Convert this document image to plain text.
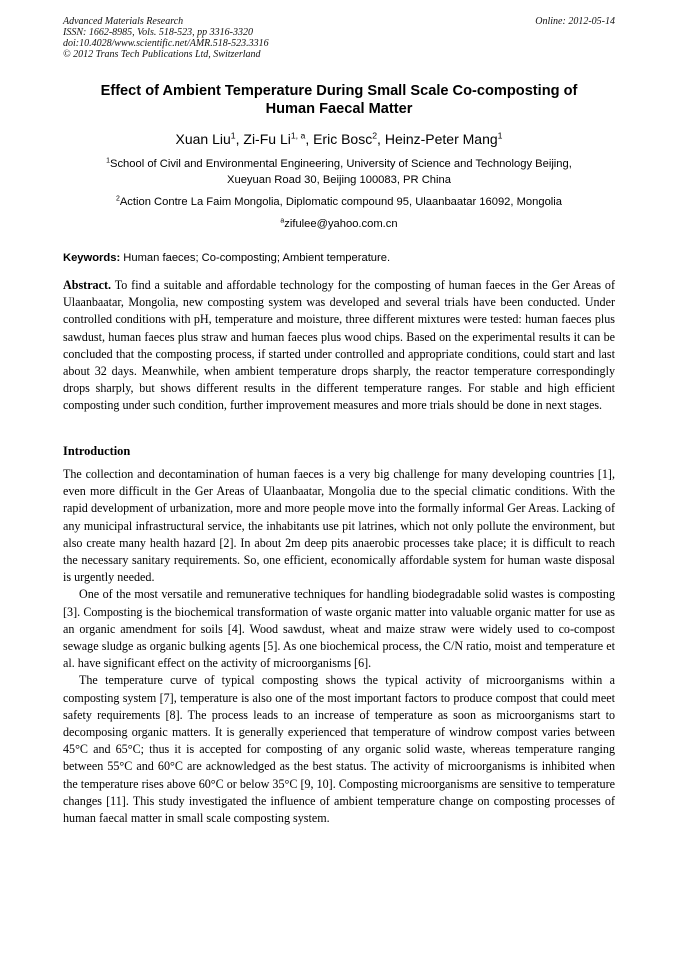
Advanced Materials Research
ISSN: 1662-8985, Vols. 518-523, pp 3316-3320
doi:10.4028/www.scientific.net/AMR.518-523.3316
© 2012 Trans Tech Publications Ltd, Switzerland
Online: 2012-05-14
Effect of Ambient Temperature During Small Scale Co-composting of
Human Faecal Matter
Xuan Liu$^1$, Zi-Fu Li$^{1, a}$, Eric Bosc$^2$, Heinz-Peter Mang$^1$
$^1$School of Civil and Environmental Engineering, University of Science and Technology Beijing,
Xueyuan Road 30, Beijing 100083, PR China
$^2$Action Contre La Faim Mongolia, Diplomatic compound 95, Ulaanbaatar 16092, Mongolia
$^a$zifulee@yahoo.com.cn
Keywords: Human faeces; Co-composting; Ambient temperature.

Abstract. To find a suitable and affordable technology for the composting of human faeces in the Ger Areas of Ulaanbaatar, Mongolia, new composting system was developed and several trials have been conducted. Under controlled conditions with pH, temperature and moisture, three different mixtures were tested: human faeces plus sawdust, human faeces plus straw and human faeces plus wood chips. Based on the experimental results it can be concluded that the composting process, if started under controlled and appropriate conditions, could start and last about 32 days. Meanwhile, when ambient temperature drops sharply, the reactor temperature correspondingly drops sharply, but shows different results in the different temperature ranges. For stable and high efficient composting under such condition, further improvement measures and more trials should be done in next stages.

Introduction

The collection and decontamination of human faeces is a very big challenge for many developing countries [1], even more difficult in the Ger Areas of Ulaanbaatar, Mongolia due to the special climatic conditions. With the rapid development of urbanization, more and more people move into the formally informal Ger Areas. Lacking of any municipal infrastructural service, the inhabitants use pit latrines, which not only pollute the environment, but also create many health hazard [2]. In about 2m deep pits anaerobic processes take place; it is difficult to reach the necessary sanitary requirements. So, one efficient, economically affordable system for human waste disposal is urgently needed.

One of the most versatile and remunerative techniques for handling biodegradable solid wastes is composting [3]. Composting is the biochemical transformation of waste organic matter into valuable organic matter for use as an organic amendment for soils [4]. Wood sawdust, wheat and maize straw were widely used to co-compost sewage sludge as organic bulking agents [5]. As one biochemical process, the C/N ratio, moist and temperature et al. have significant effect on the activity of microorganisms [6].

The temperature curve of typical composting shows the typical activity of microorganisms within a composting system [7], temperature is also one of the most important factors to produce compost that could meet safety requirements [8]. The process leads to an increase of temperature as soon as microorganisms start to decomposing organic matters. It is generally experienced that temperature of windrow compost varies between 45°C and 65°C; thus it is accepted for composting of any organic solid waste, whereas temperature ranging between 55°C and 60°C are acknowledged as the best status. The activity of microorganisms is inhibited when the temperature rises above 60°C or below 35°C [9, 10]. Composting microorganisms are sensitive to temperature changes [11]. This study investigated the influence of ambient temperature change on composting processes of human faecal matter in small scale composting system.
